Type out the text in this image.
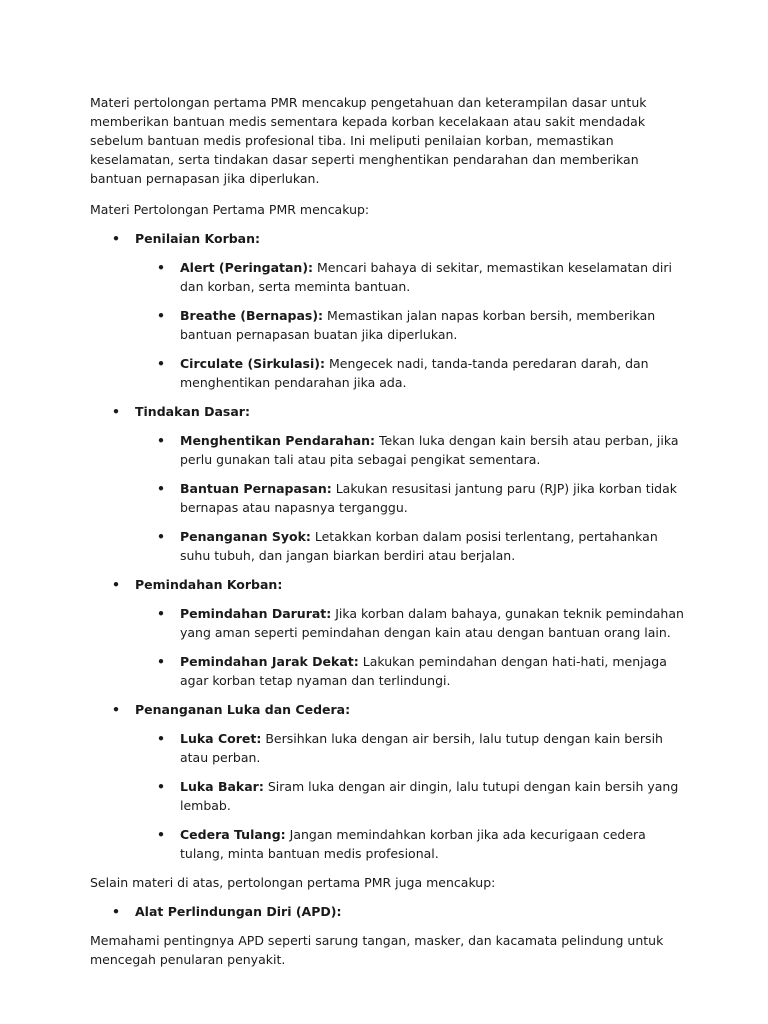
Materi pertolongan pertama PMR mencakup pengetahuan dan keterampilan dasar untuk memberikan bantuan medis sementara kepada korban kecelakaan atau sakit mendadak sebelum bantuan medis profesional tiba. Ini meliputi penilaian korban, memastikan keselamatan, serta tindakan dasar seperti menghentikan pendarahan dan memberikan bantuan pernapasan jika diperlukan.

Materi Pertolongan Pertama PMR mencakup:

• Penilaian Korban:
• Alert (Peringatan): Mencari bahaya di sekitar, memastikan keselamatan diri dan korban, serta meminta bantuan.
• Breathe (Bernapas): Memastikan jalan napas korban bersih, memberikan bantuan pernapasan buatan jika diperlukan.
• Circulate (Sirkulasi): Mengecek nadi, tanda-tanda peredaran darah, dan menghentikan pendarahan jika ada.
• Tindakan Dasar:
• Menghentikan Pendarahan: Tekan luka dengan kain bersih atau perban, jika perlu gunakan tali atau pita sebagai pengikat sementara.
• Bantuan Pernapasan: Lakukan resusitasi jantung paru (RJP) jika korban tidak bernapas atau napasnya terganggu.
• Penanganan Syok: Letakkan korban dalam posisi terlentang, pertahankan suhu tubuh, dan jangan biarkan berdiri atau berjalan.
• Pemindahan Korban:
• Pemindahan Darurat: Jika korban dalam bahaya, gunakan teknik pemindahan yang aman seperti pemindahan dengan kain atau dengan bantuan orang lain.
• Pemindahan Jarak Dekat: Lakukan pemindahan dengan hati-hati, menjaga agar korban tetap nyaman dan terlindungi.
• Penanganan Luka dan Cedera:
• Luka Coret: Bersihkan luka dengan air bersih, lalu tutup dengan kain bersih atau perban.
• Luka Bakar: Siram luka dengan air dingin, lalu tutupi dengan kain bersih yang lembab.
• Cedera Tulang: Jangan memindahkan korban jika ada kecurigaan cedera tulang, minta bantuan medis profesional.

Selain materi di atas, pertolongan pertama PMR juga mencakup:

• Alat Perlindungan Diri (APD):

Memahami pentingnya APD seperti sarung tangan, masker, dan kacamata pelindung untuk mencegah penularan penyakit.
